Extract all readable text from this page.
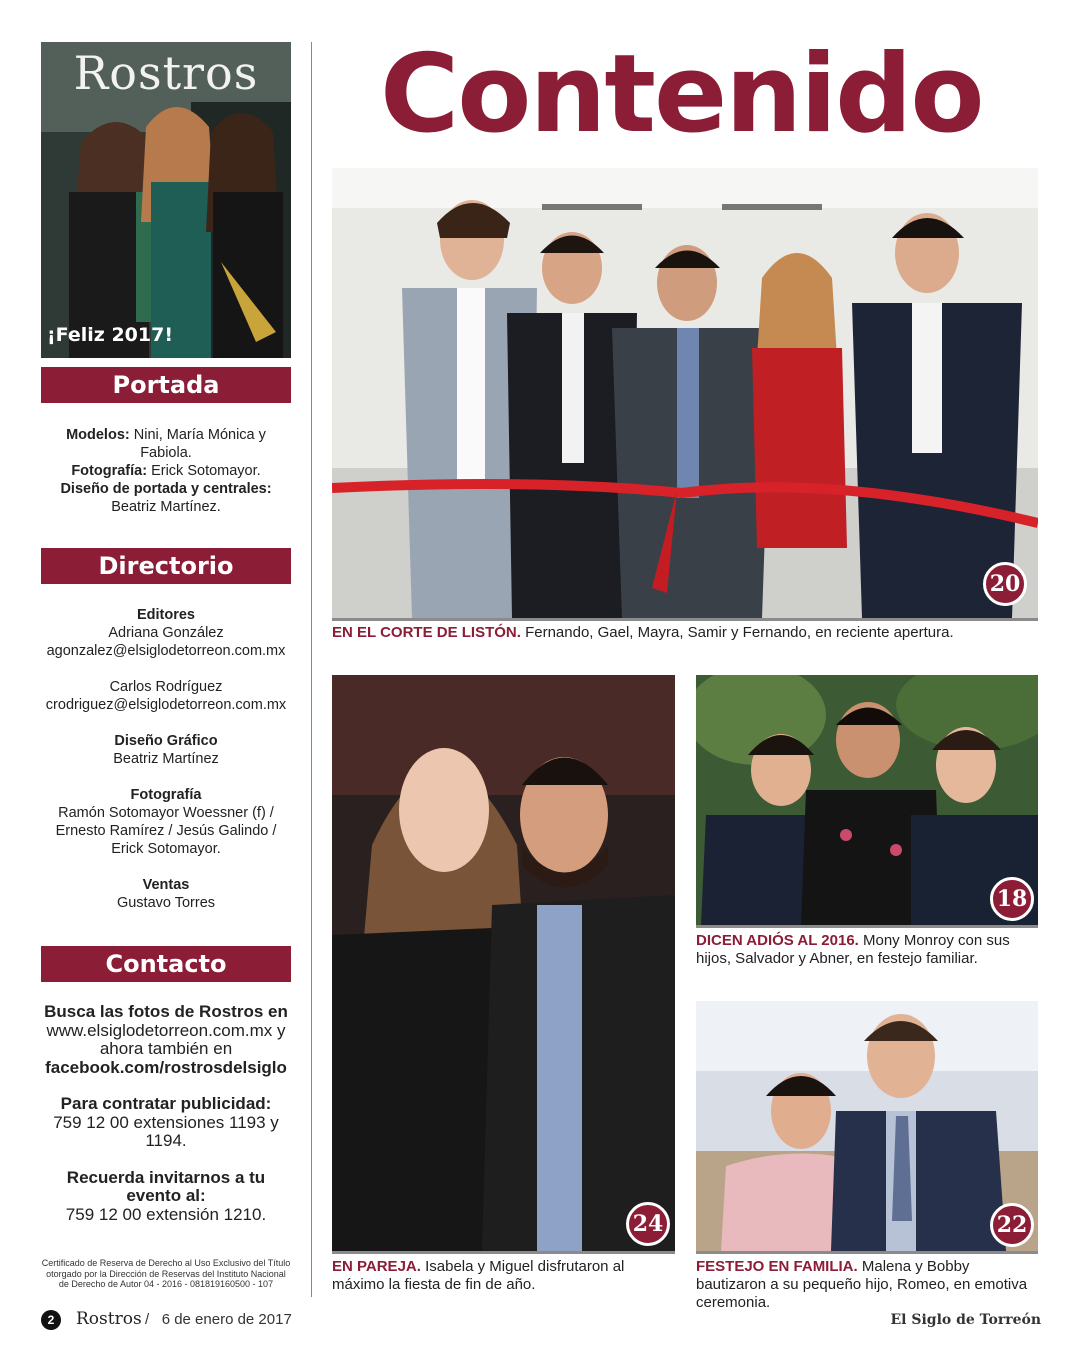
Rostros
¡Feliz 2017!
Portada
Modelos: Nini, María Mónica y Fabiola.
Fotografía: Erick Sotomayor.
Diseño de portada y centrales:
Beatriz Martínez.
Directorio
Editores
Adriana González
agonzalez@elsiglodetorreon.com.mx
Carlos Rodríguez
crodriguez@elsiglodetorreon.com.mx
Diseño Gráfico
Beatriz Martínez
Fotografía
Ramón Sotomayor Woessner (f) /
Ernesto Ramírez / Jesús Galindo /
Erick Sotomayor.
Ventas
Gustavo Torres
Contacto
Busca las fotos de Rostros en
www.elsiglodetorreon.com.mx y ahora también en
facebook.com/rostrosdelsiglo
Para contratar publicidad:
759 12 00 extensiones 1193 y 1194.
Recuerda invitarnos a tu evento al:
759 12 00 extensión 1210.
Certificado de Reserva de Derecho al Uso Exclusivo del Título otorgado por la Dirección de Reservas del Instituto Nacional de Derecho de Autor 04 - 2016 - 081819160500 - 107
Contenido
20
EN EL CORTE DE LISTÓN. Fernando, Gael, Mayra, Samir y Fernando, en reciente apertura.
24
EN PAREJA. Isabela y Miguel disfrutaron al máximo la fiesta de fin de año.
18
DICEN ADIÓS AL 2016. Mony Monroy con sus hijos, Salvador y Abner, en festejo familiar.
22
FESTEJO EN FAMILIA. Malena y Bobby bautizaron a su pequeño hijo, Romeo, en emotiva ceremonia.
2	Rostros / 6 de enero de 2017	El Siglo de Torreón
